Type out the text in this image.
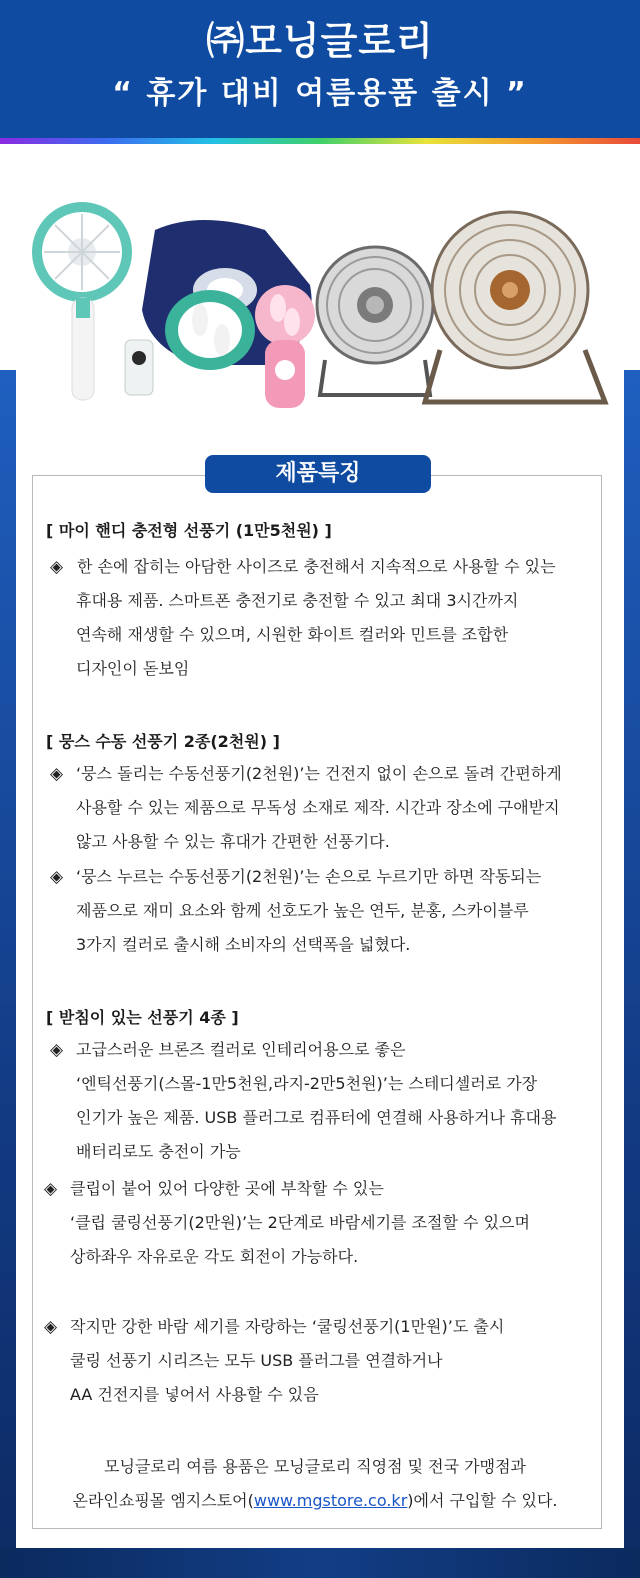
㈜모닝글로리
“ 휴가 대비 여름용품 출시 ”
제품특징
[ 마이 핸디 충전형 선풍기 (1만5천원) ]
◈ 한 손에 잡히는 아담한 사이즈로 충전해서 지속적으로 사용할 수 있는
휴대용 제품. 스마트폰 충전기로 충전할 수 있고 최대 3시간까지
연속해 재생할 수 있으며, 시원한 화이트 컬러와 민트를 조합한
디자인이 돋보임
[ 뭉스 수동 선풍기 2종(2천원) ]
◈ ‘뭉스 돌리는 수동선풍기(2천원)’는 건전지 없이 손으로 돌려 간편하게
사용할 수 있는 제품으로 무독성 소재로 제작. 시간과 장소에 구애받지
않고 사용할 수 있는 휴대가 간편한 선풍기다.
◈ ‘뭉스 누르는 수동선풍기(2천원)’는 손으로 누르기만 하면 작동되는
제품으로 재미 요소와 함께 선호도가 높은 연두, 분홍, 스카이블루
3가지 컬러로 출시해 소비자의 선택폭을 넓혔다.
[ 받침이 있는 선풍기 4종 ]
◈ 고급스러운 브론즈 컬러로 인테리어용으로 좋은
‘엔틱선풍기(스몰-1만5천원,라지-2만5천원)’는 스테디셀러로 가장
인기가 높은 제품. USB 플러그로 컴퓨터에 연결해 사용하거나 휴대용
배터리로도 충전이 가능
◈ 클립이 붙어 있어 다양한 곳에 부착할 수 있는
‘클립 쿨링선풍기(2만원)’는 2단계로 바람세기를 조절할 수 있으며
상하좌우 자유로운 각도 회전이 가능하다.
◈ 작지만 강한 바람 세기를 자랑하는 ‘쿨링선풍기(1만원)’도 출시
쿨링 선풍기 시리즈는 모두 USB 플러그를 연결하거나
AA 건전지를 넣어서 사용할 수 있음
모닝글로리 여름 용품은 모닝글로리 직영점 및 전국 가맹점과
온라인쇼핑몰 엠지스토어(www.mgstore.co.kr)에서 구입할 수 있다.
